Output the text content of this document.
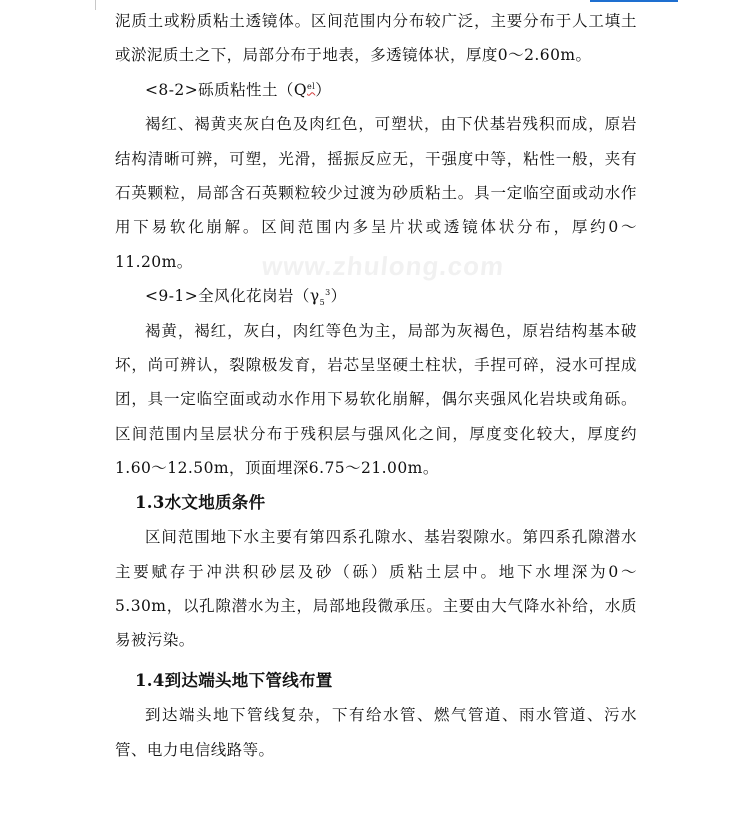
泥质土或粉质粘土透镜体。区间范围内分布较广泛，主要分布于人工填土或淤泥质土之下，局部分布于地表，多透镜体状，厚度0～2.60m。

<8-2>砾质粘性土$(Q^{el})$

褐红、褐黄夹灰白色及肉红色，可塑状，由下伏基岩残积而成，原岩结构清晰可辨，可塑，光滑，摇振反应无，干强度中等，粘性一般，夹有石英颗粒，局部含石英颗粒较少过渡为砂质粘土。具一定临空面或动水作用下易软化崩解。区间范围内多呈片状或透镜体状分布，厚约0～11.20m。

<9-1>全风化花岗岩$(\gamma_5^3)$

褐黄，褐红，灰白，肉红等色为主，局部为灰褐色，原岩结构基本破坏，尚可辨认，裂隙极发育，岩芯呈坚硬土柱状，手捏可碎，浸水可捏成团，具一定临空面或动水作用下易软化崩解，偶尔夹强风化岩块或角砾。区间范围内呈层状分布于残积层与强风化之间，厚度变化较大，厚度约1.60～12.50m，顶面埋深6.75～21.00m。

1.3水文地质条件

区间范围地下水主要有第四系孔隙水、基岩裂隙水。第四系孔隙潜水主要赋存于冲洪积砂层及砂（砾）质粘土层中。地下水埋深为0～5.30m，以孔隙潜水为主，局部地段微承压。主要由大气降水补给，水质易被污染。

1.4到达端头地下管线布置

到达端头地下管线复杂，下有给水管、燃气管道、雨水管道、污水管、电力电信线路等。

www.zhulong.com
